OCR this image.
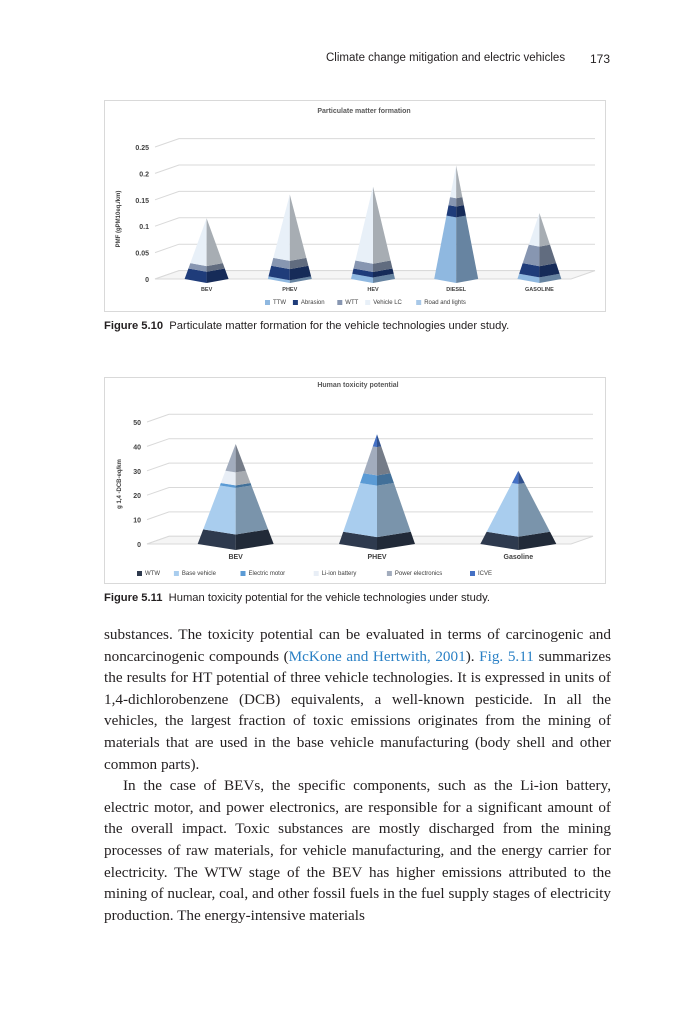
Climate change mitigation and electric vehicles 173
0
0.05
0.1
0.15
0.2
0.25
Particulate matter formation
PMF (gPM10eq./km)
BEV	PHEV	HEV	DIESEL	GASOLINE
TTW Abrasion	WTT Vehicle LC	Road and lights
Figure 5.10 Particulate matter formation for the vehicle technologies under study.
0
10
20
30
40
50
Human toxicity potential
g 1,4 -DCB-eq/km
BEV	PHEV	Gasoline
WTW	Base vehicle	Electric motor	Li-ion battery	Power electronics	ICVE
Figure 5.11 Human toxicity potential for the vehicle technologies under study.

substances. The toxicity potential can be evaluated in terms of carcinogenic and noncarcinogenic compounds (McKone and Hertwith, 2001). Fig. 5.11 summarizes the results for HT potential of three vehicle technologies. It is expressed in units of 1,4-dichlorobenzene (DCB) equivalents, a well-known pesticide. In all the vehicles, the largest fraction of toxic emissions originates from the mining of materials that are used in the base vehicle manufacturing (body shell and other common parts).

In the case of BEVs, the specific components, such as the Li-ion battery, electric motor, and power electronics, are responsible for a significant amount of the overall impact. Toxic substances are mostly discharged from the mining processes of raw materials, for vehicle manufacturing, and the energy carrier for electricity. The WTW stage of the BEV has higher emissions attributed to the mining of nuclear, coal, and other fossil fuels in the fuel supply stages of electricity production. The energy-intensive materials
